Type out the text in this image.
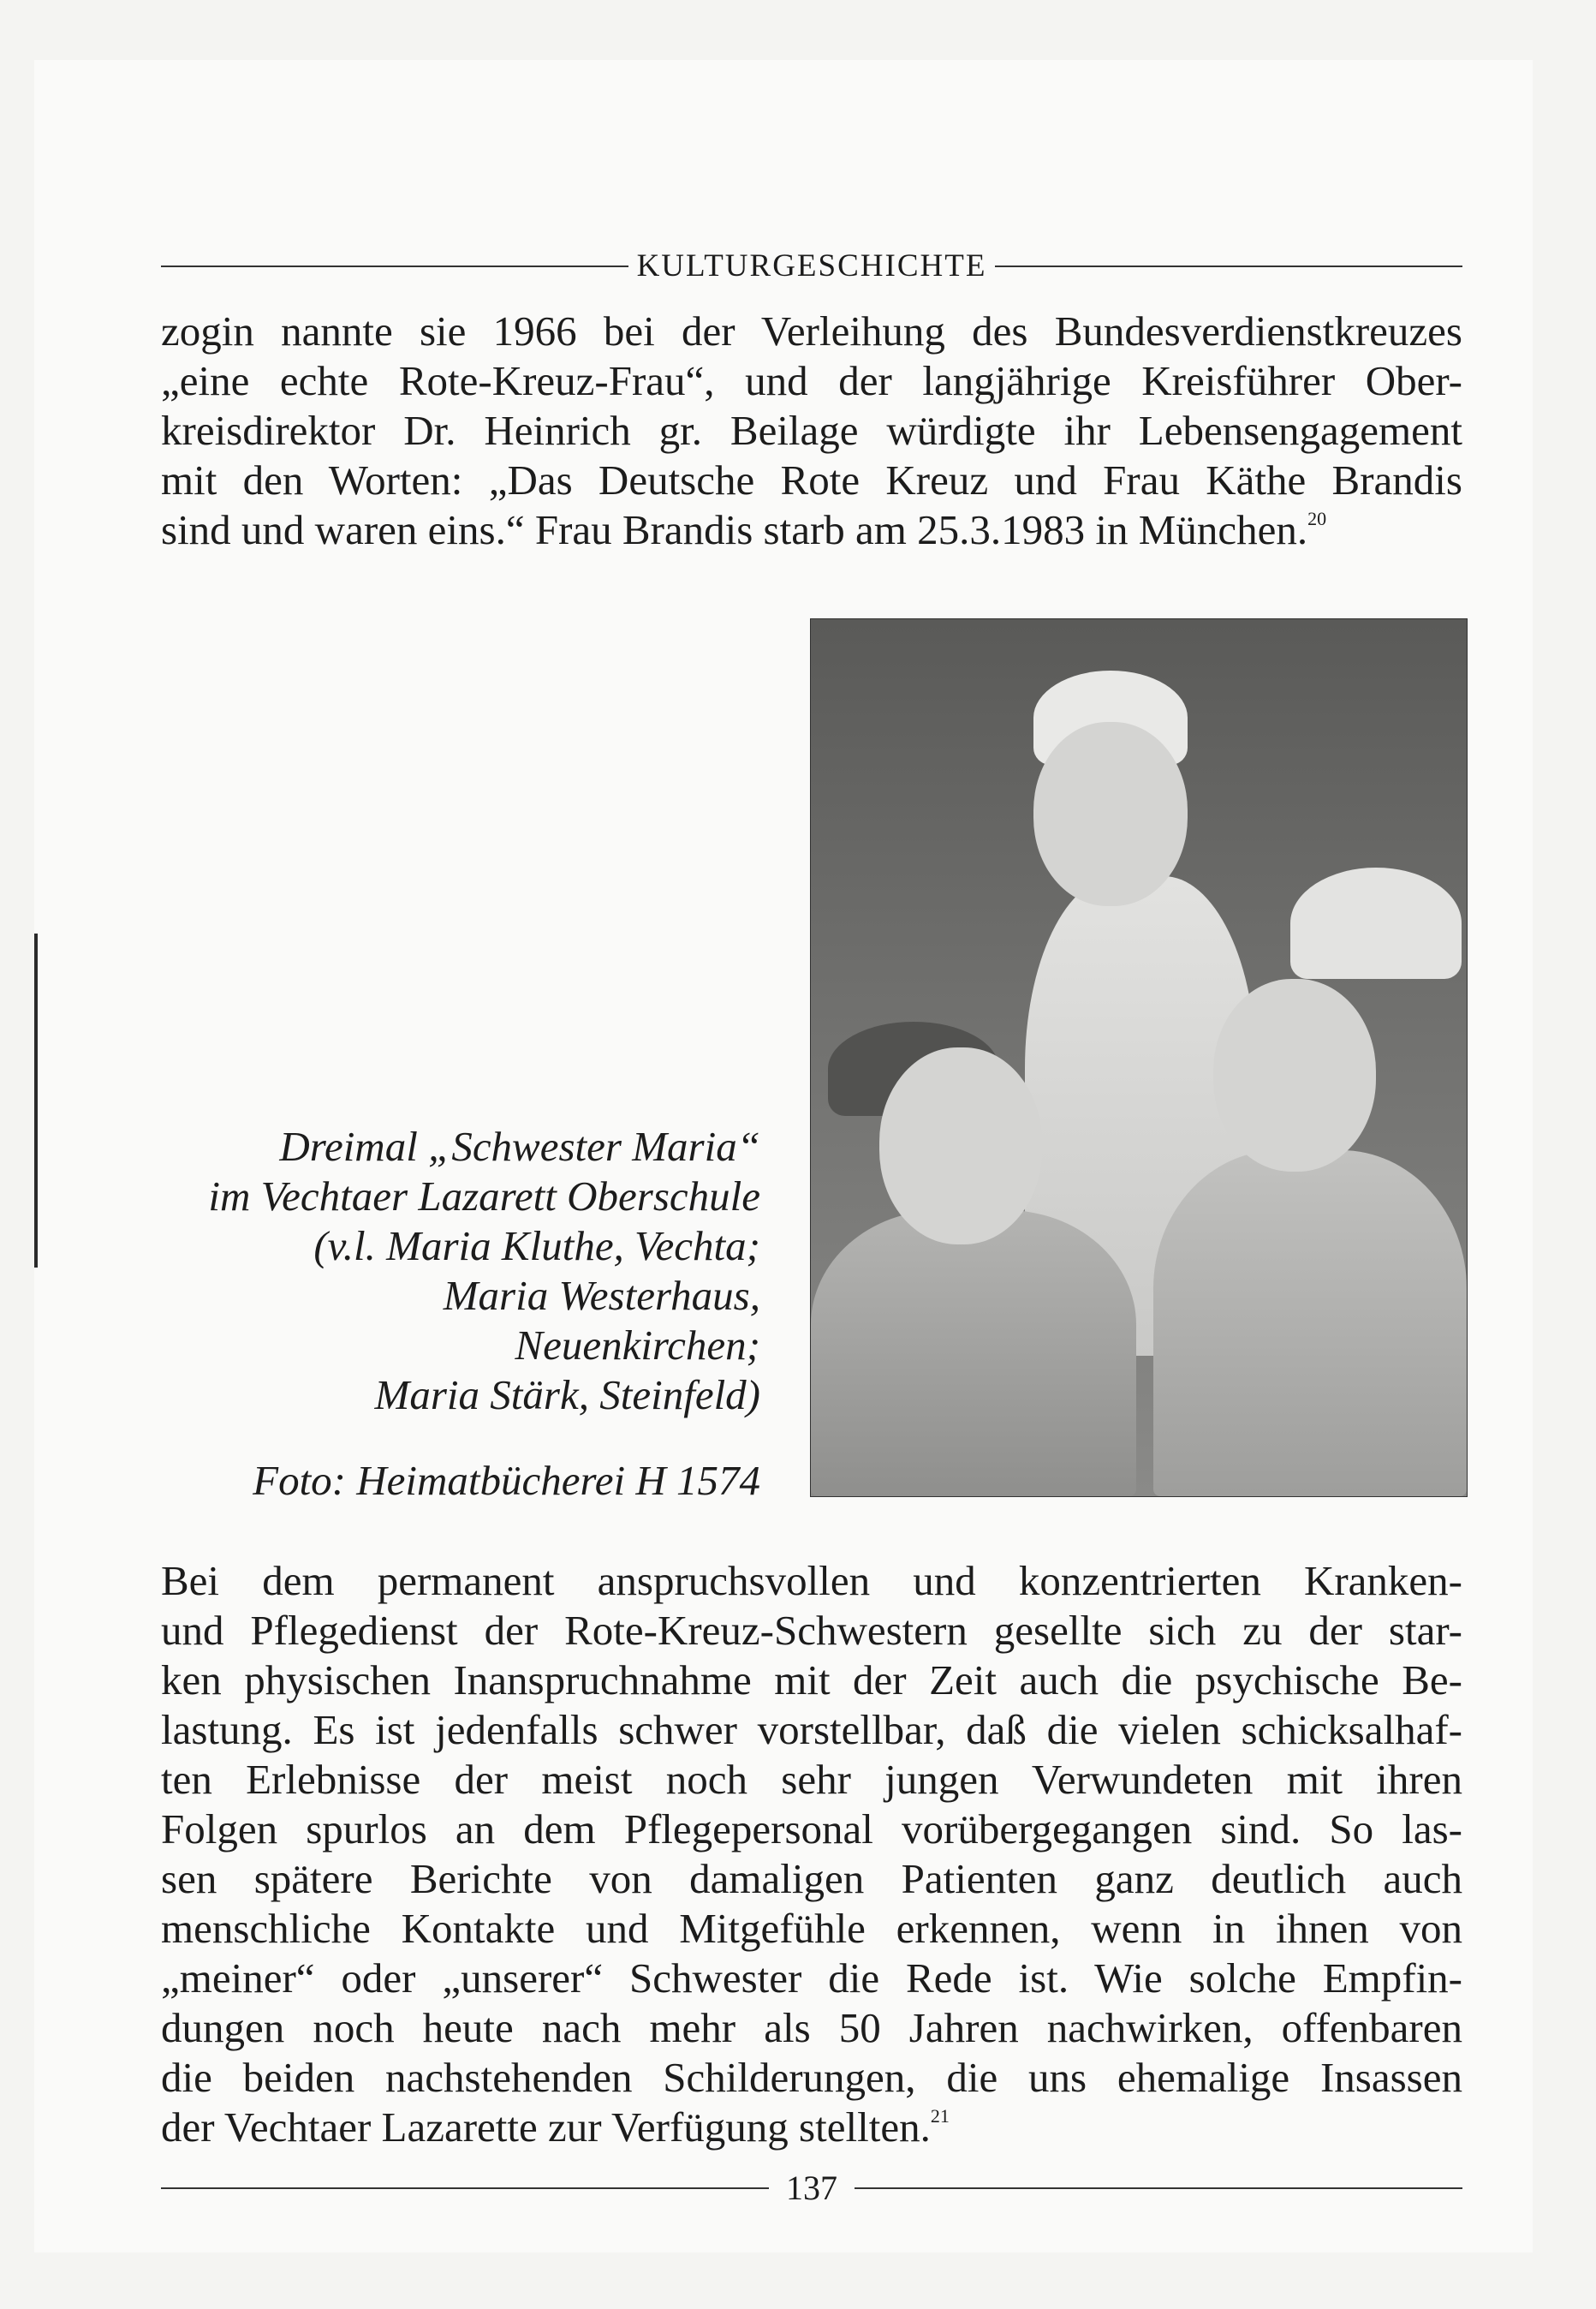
KULTURGESCHICHTE

zogin nannte sie 1966 bei der Verleihung des Bundesverdienstkreuzes
„eine echte Rote-Kreuz-Frau“, und der langjährige Kreisführer Ober-
kreisdirektor Dr. Heinrich gr. Beilage würdigte ihr Lebensengagement
mit den Worten: „Das Deutsche Rote Kreuz und Frau Käthe Brandis
sind und waren eins.“ Frau Brandis starb am 25.3.1983 in München.$^{20}$

Dreimal „Schwester Maria“
im Vechtaer Lazarett Oberschule
(v.l. Maria Kluthe, Vechta;
Maria Westerhaus,
Neuenkirchen;
Maria Stärk, Steinfeld)
Foto: Heimatbücherei H 1574

Bei dem permanent anspruchsvollen und konzentrierten Kranken-
und Pflegedienst der Rote-Kreuz-Schwestern gesellte sich zu der star-
ken physischen Inanspruchnahme mit der Zeit auch die psychische Be-
lastung. Es ist jedenfalls schwer vorstellbar, daß die vielen schicksalhaf-
ten Erlebnisse der meist noch sehr jungen Verwundeten mit ihren
Folgen spurlos an dem Pflegepersonal vorübergegangen sind. So las-
sen spätere Berichte von damaligen Patienten ganz deutlich auch
menschliche Kontakte und Mitgefühle erkennen, wenn in ihnen von
„meiner“ oder „unserer“ Schwester die Rede ist. Wie solche Empfin-
dungen noch heute nach mehr als 50 Jahren nachwirken, offenbaren
die beiden nachstehenden Schilderungen, die uns ehemalige Insassen
der Vechtaer Lazarette zur Verfügung stellten.$^{21}$

137
